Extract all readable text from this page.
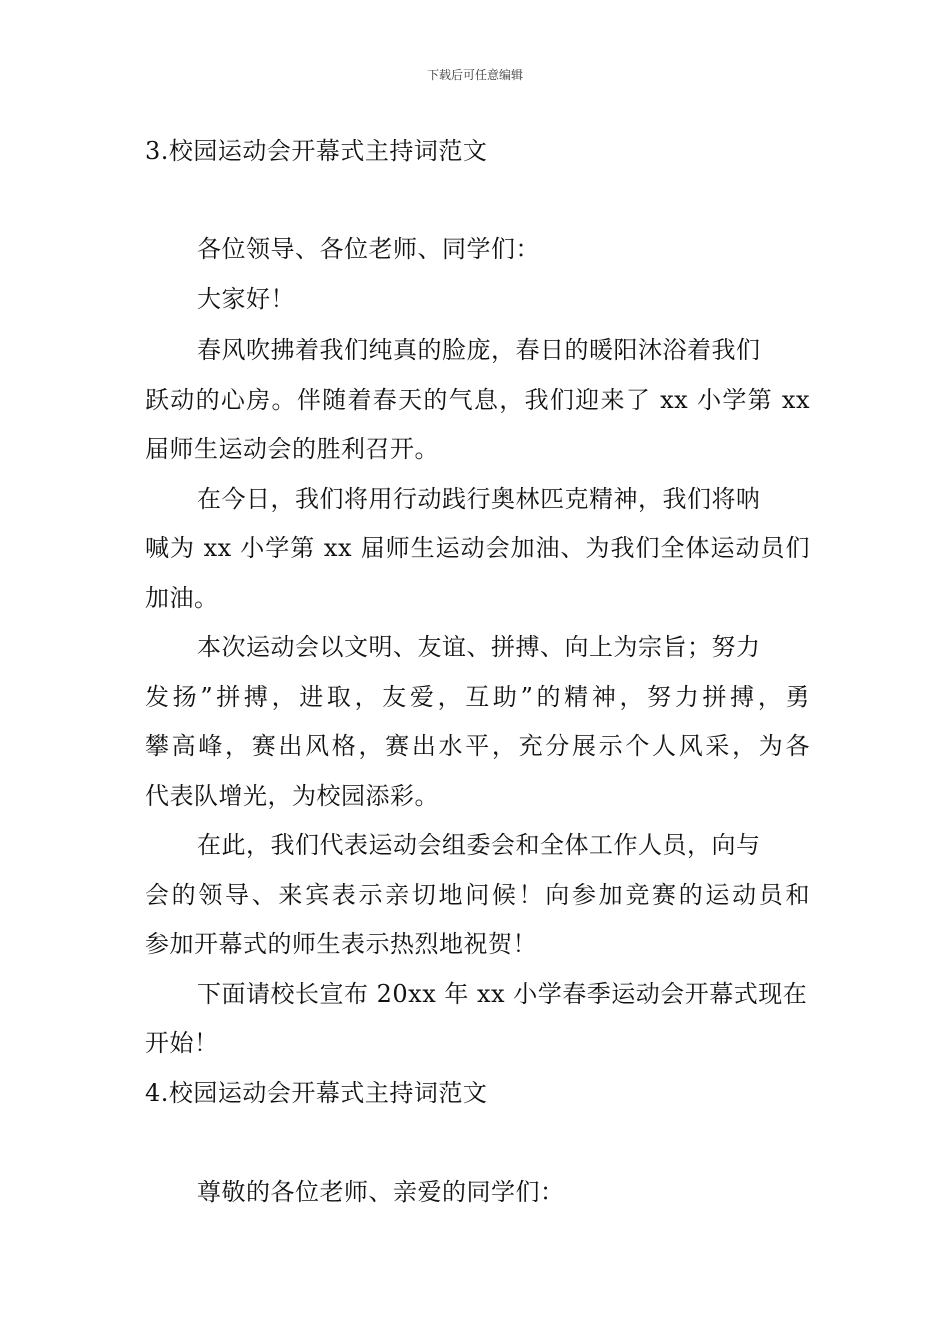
下载后可任意编辑
3.校园运动会开幕式主持词范文
各位领导、各位老师、同学们：
大家好！
春风吹拂着我们纯真的脸庞，春日的暖阳沐浴着我们
跃动的心房。伴随着春天的气息，我们迎来了 xx 小学第 xx
届师生运动会的胜利召开。
在今日，我们将用行动践行奥林匹克精神，我们将呐
喊为 xx 小学第 xx 届师生运动会加油、为我们全体运动员们
加油。
本次运动会以文明、友谊、拼搏、向上为宗旨；努力
发扬”拼搏，进取，友爱，互助”的精神，努力拼搏，勇
攀高峰，赛出风格，赛出水平，充分展示个人风采，为各
代表队增光，为校园添彩。
在此，我们代表运动会组委会和全体工作人员，向与
会的领导、来宾表示亲切地问候！向参加竞赛的运动员和
参加开幕式的师生表示热烈地祝贺！
下面请校长宣布 20xx 年 xx 小学春季运动会开幕式现在
开始！
4.校园运动会开幕式主持词范文
尊敬的各位老师、亲爱的同学们：
